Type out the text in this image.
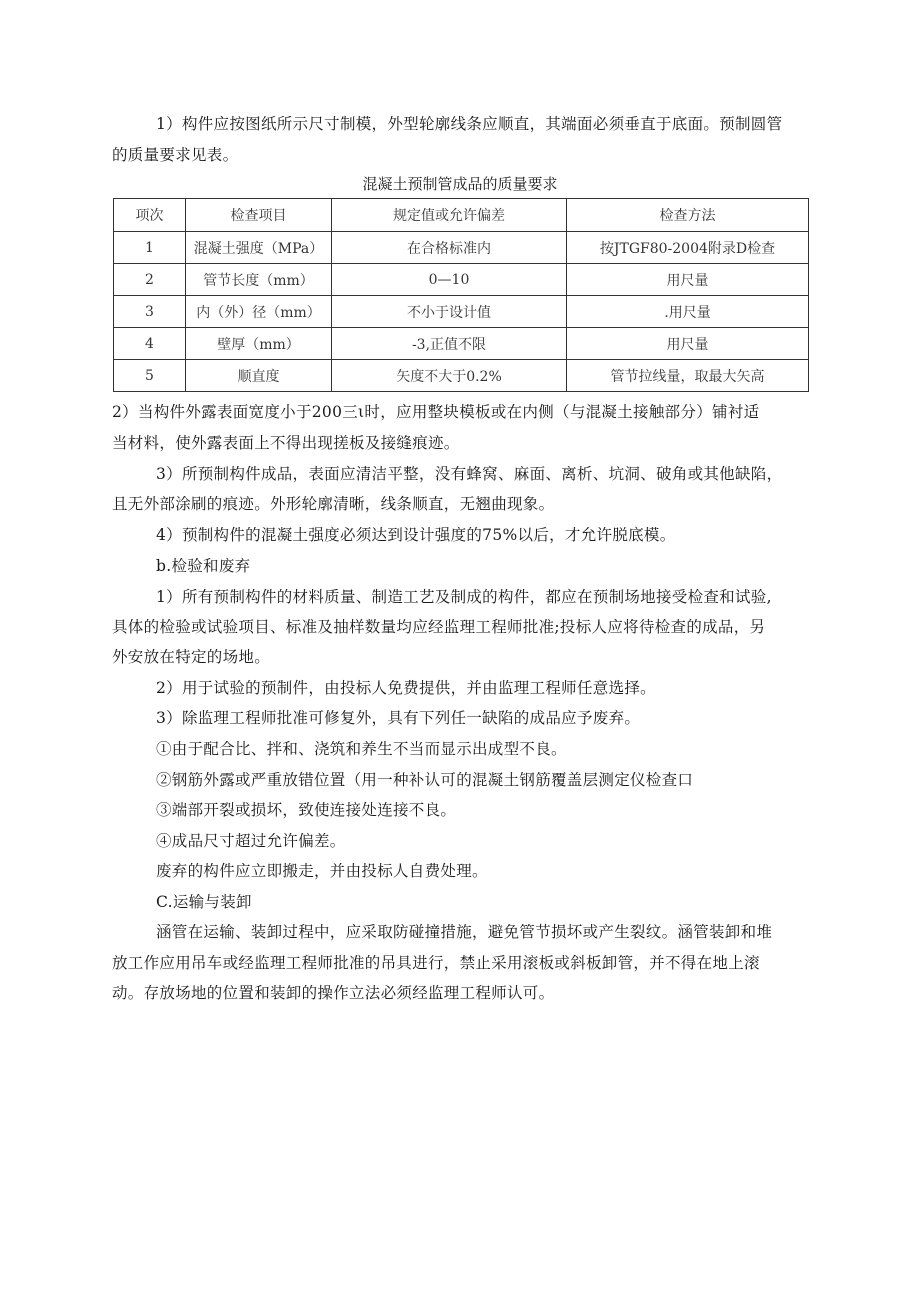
1）构件应按图纸所示尺寸制模，外型轮廓线条应顺直，其端面必须垂直于底面。预制圆管
的质量要求见表。
混凝土预制管成品的质量要求
项次	检查项目	规定值或允许偏差	检查方法
1	混凝土强度（MPa）	在合格标准内	按JTGF80-2004附录D检查
2	管节长度（mm）	0—10	用尺量
3	内（外）径（mm）	不小于设计值	.用尺量
4	壁厚（mm）	-3,正值不限	用尺量
5	顺直度	矢度不大于0.2%	管节拉线量，取最大矢高
2）当构件外露表面宽度小于200三ι时，应用整块模板或在内侧（与混凝土接触部分）铺衬适
当材料，使外露表面上不得出现搓板及接缝痕迹。
3）所预制构件成品，表面应清洁平整，没有蜂窝、麻面、离析、坑洞、破角或其他缺陷，
且无外部涂刷的痕迹。外形轮廓清晰，线条顺直，无翘曲现象。
4）预制构件的混凝土强度必须达到设计强度的75%以后，才允许脱底模。
b.检验和废弃
1）所有预制构件的材料质量、制造工艺及制成的构件，都应在预制场地接受检查和试验,
具体的检验或试验项目、标准及抽样数量均应经监理工程师批准;投标人应将待检查的成品，另
外安放在特定的场地。
2）用于试验的预制件，由投标人免费提供，并由监理工程师任意选择。
3）除监理工程师批准可修复外，具有下列任一缺陷的成品应予废弃。
①由于配合比、拌和、浇筑和养生不当而显示出成型不良。
②钢筋外露或严重放错位置（用一种补认可的混凝土钢筋覆盖层测定仪检查口
③端部开裂或损坏，致使连接处连接不良。
④成品尺寸超过允许偏差。
废弃的构件应立即搬走，并由投标人自费处理。
C.运输与装卸
涵管在运输、装卸过程中，应采取防碰撞措施，避免管节损坏或产生裂纹。涵管装卸和堆
放工作应用吊车或经监理工程师批准的吊具进行，禁止采用滚板或斜板卸管，并不得在地上滚
动。存放场地的位置和装卸的操作立法必须经监理工程师认可。
